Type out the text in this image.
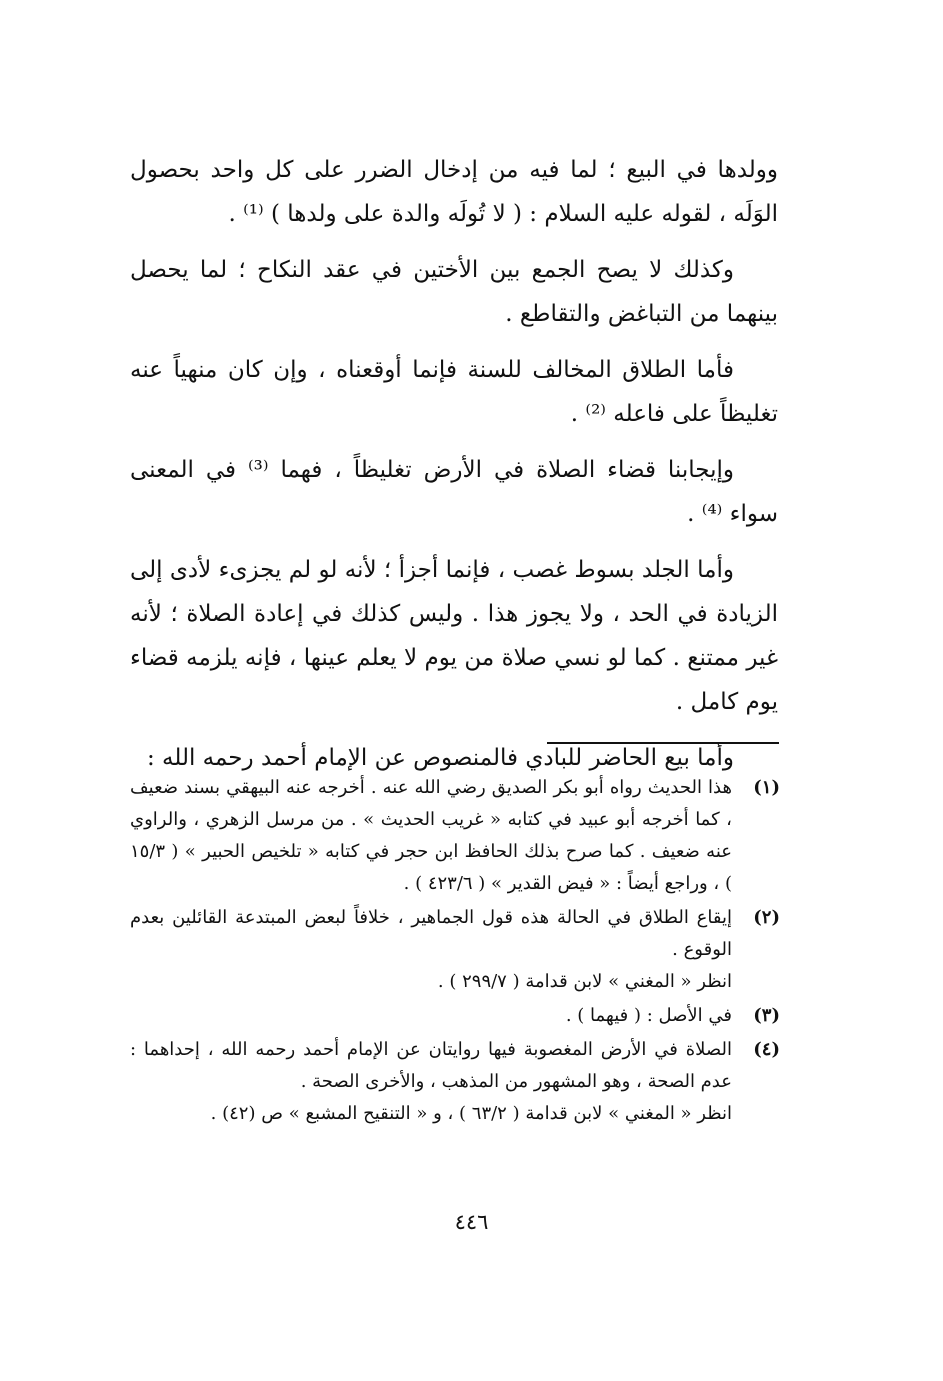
وولدها في البيع ؛ لما فيه من إدخال الضرر على كل واحد بحصول الوَلَه ، لقوله عليه السلام : ( لا تُولَه والدة على ولدها ) ⁽¹⁾ .

وكذلك لا يصح الجمع بين الأختين في عقد النكاح ؛ لما يحصل بينهما من التباغض والتقاطع .

فأما الطلاق المخالف للسنة فإنما أوقعناه ، وإن كان منهياً عنه تغليظاً على فاعله ⁽²⁾ .

وإيجابنا قضاء الصلاة في الأرض تغليظاً ، فهما ⁽³⁾ في المعنى سواء ⁽⁴⁾ .

وأما الجلد بسوط غصب ، فإنما أجزأ ؛ لأنه لو لم يجزىء لأدى إلى الزيادة في الحد ، ولا يجوز هذا . وليس كذلك في إعادة الصلاة ؛ لأنه غير ممتنع . كما لو نسي صلاة من يوم لا يعلم عينها ، فإنه يلزمه قضاء يوم كامل .

وأما بيع الحاضر للبادي فالمنصوص عن الإمام أحمد رحمه الله :

(١)
هذا الحديث رواه أبو بكر الصديق رضي الله عنه . أخرجه عنه البيهقي بسند ضعيف ، كما أخرجه أبو عبيد في كتابه « غريب الحديث » . من مرسل الزهري ، والراوي عنه ضعيف . كما صرح بذلك الحافظ ابن حجر في كتابه « تلخيص الحبير » ( ١٥/٣ ) ، وراجع أيضاً : « فيض القدير » ( ٤٢٣/٦ ) .
(٢)
إيقاع الطلاق في الحالة هذه قول الجماهير ، خلافاً لبعض المبتدعة القائلين بعدم الوقوع .
انظر « المغني » لابن قدامة ( ٢٩٩/٧ ) .
(٣)
في الأصل : ( فيهما ) .
(٤)
الصلاة في الأرض المغصوبة فيها روايتان عن الإمام أحمد رحمه الله ، إحداهما : عدم الصحة ، وهو المشهور من المذهب ، والأخرى الصحة .
انظر « المغني » لابن قدامة ( ٦٣/٢ ) ، و « التنقيح المشبع » ص (٤٢) .
٤٤٦
